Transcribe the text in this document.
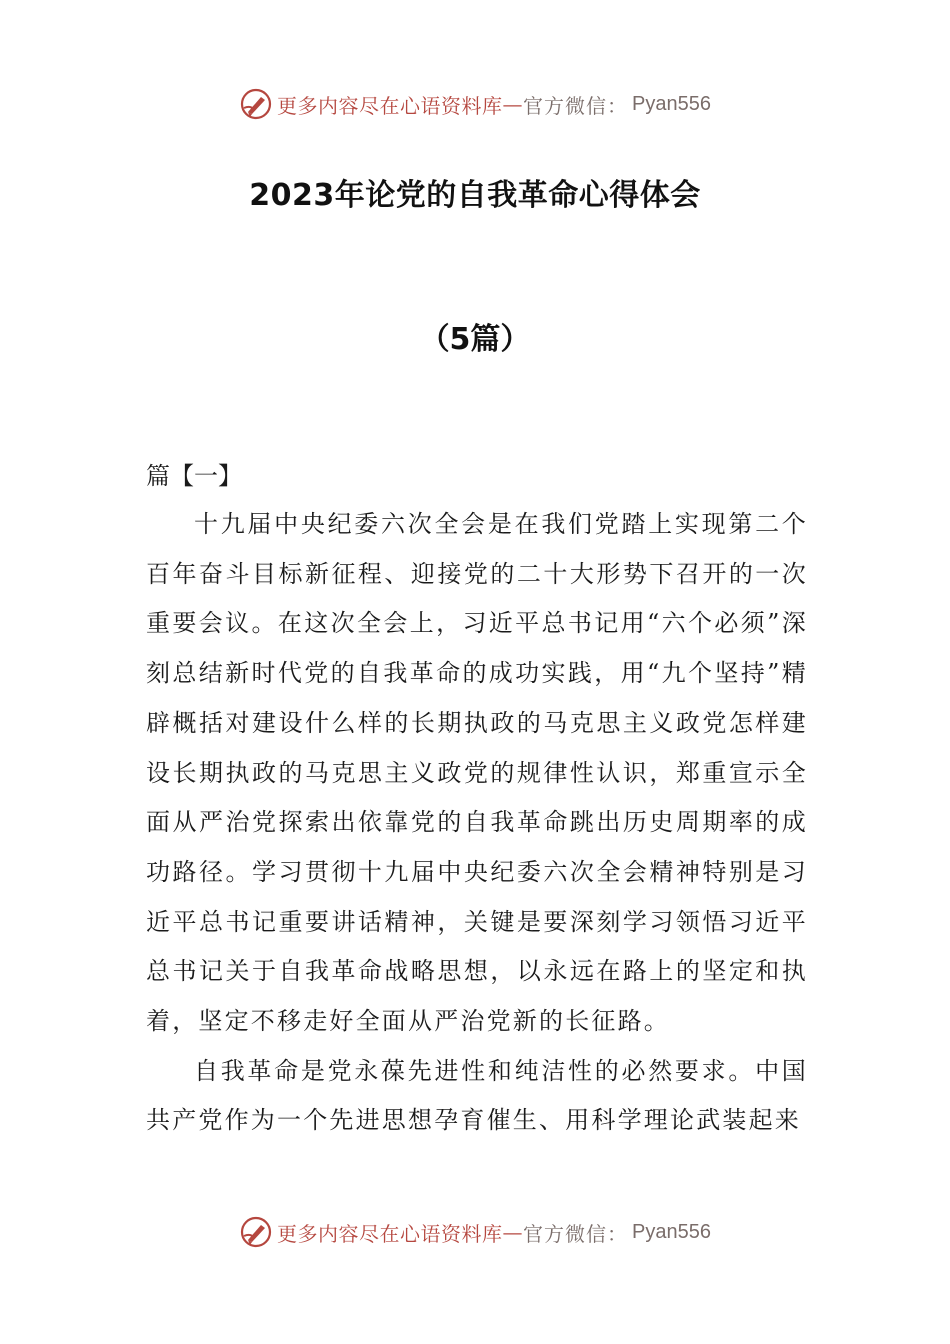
更多内容尽在心语资料库 — 官方微信： Pyan556
2023年论党的自我革命心得体会
（5篇）
篇【一】

十九届中央纪委六次全会是在我们党踏上实现第二个百年奋斗目标新征程、迎接党的二十大形势下召开的一次重要会议。在这次全会上，习近平总书记用“六个必须”深刻总结新时代党的自我革命的成功实践，用“九个坚持”精辟概括对建设什么样的长期执政的马克思主义政党怎样建设长期执政的马克思主义政党的规律性认识，郑重宣示全面从严治党探索出依靠党的自我革命跳出历史周期率的成功路径。学习贯彻十九届中央纪委六次全会精神特别是习近平总书记重要讲话精神，关键是要深刻学习领悟习近平总书记关于自我革命战略思想，以永远在路上的坚定和执着，坚定不移走好全面从严治党新的长征路。

自我革命是党永葆先进性和纯洁性的必然要求。中国共产党作为一个先进思想孕育催生、用科学理论武装起来

更多内容尽在心语资料库 — 官方微信： Pyan556
